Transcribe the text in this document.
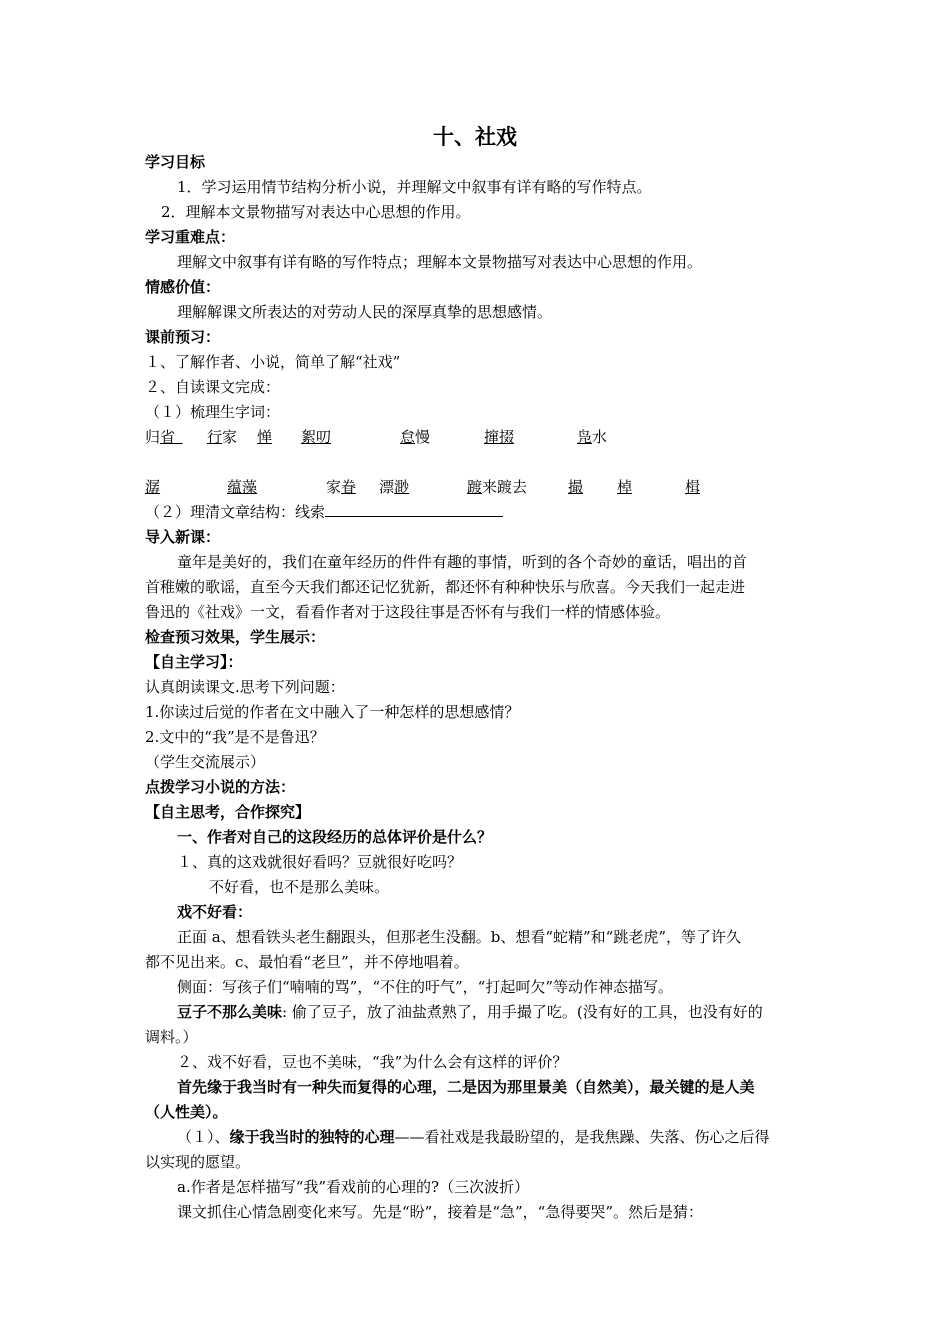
十、社戏
学习目标
1．学习运用情节结构分析小说，并理解文中叙事有详有略的写作特点。
2．理解本文景物描写对表达中心思想的作用。
学习重难点：
理解文中叙事有详有略的写作特点；理解本文景物描写对表达中心思想的作用。
情感价值：
理解解课文所表达的对劳动人民的深厚真挚的思想感情。
课前预习：
１、了解作者、小说，简单了解“社戏”
２、自读课文完成：
（１）梳理生字词：
归省 	行家 惮 絮叨	怠慢	撺掇	凫水
潺	蕴藻	家眷 漂渺	踱来踱去	撮 棹	楫
（２）理清文章结构：线索
导入新课：
童年是美好的，我们在童年经历的件件有趣的事情，听到的各个奇妙的童话，唱出的首
首稚嫩的歌谣，直至今天我们都还记忆犹新，都还怀有种种快乐与欣喜。今天我们一起走进
鲁迅的《社戏》一文，看看作者对于这段往事是否怀有与我们一样的情感体验。
检查预习效果，学生展示：
【自主学习】：
认真朗读课文.思考下列问题：
1.你读过后觉的作者在文中融入了一种怎样的思想感情？
2.文中的“我”是不是鲁迅？
（学生交流展示）
点拨学习小说的方法：
【自主思考，合作探究】
一、作者对自己的这段经历的总体评价是什么？
１、真的这戏就很好看吗？豆就很好吃吗？
不好看，也不是那么美味。
戏不好看：
正面 a、想看铁头老生翻跟头，但那老生没翻。b、想看“蛇精”和“跳老虎”，等了许久
都不见出来。c、最怕看“老旦”，并不停地唱着。
侧面：写孩子们“喃喃的骂”，“不住的吁气”，“打起呵欠”等动作神态描写。
豆子不那么美味: 偷了豆子，放了油盐煮熟了，用手撮了吃。(没有好的工具，也没有好的
调料。）
２、戏不好看，豆也不美味，“我”为什么会有这样的评价？
首先缘于我当时有一种失而复得的心理，二是因为那里景美（自然美），最关键的是人美
（人性美）。
（１）、缘于我当时的独特的心理——看社戏是我最盼望的，是我焦躁、失落、伤心之后得
以实现的愿望。
a.作者是怎样描写“我”看戏前的心理的?（三次波折）
课文抓住心情急剧变化来写。先是“盼”，接着是“急”，“急得要哭”。然后是猜：
